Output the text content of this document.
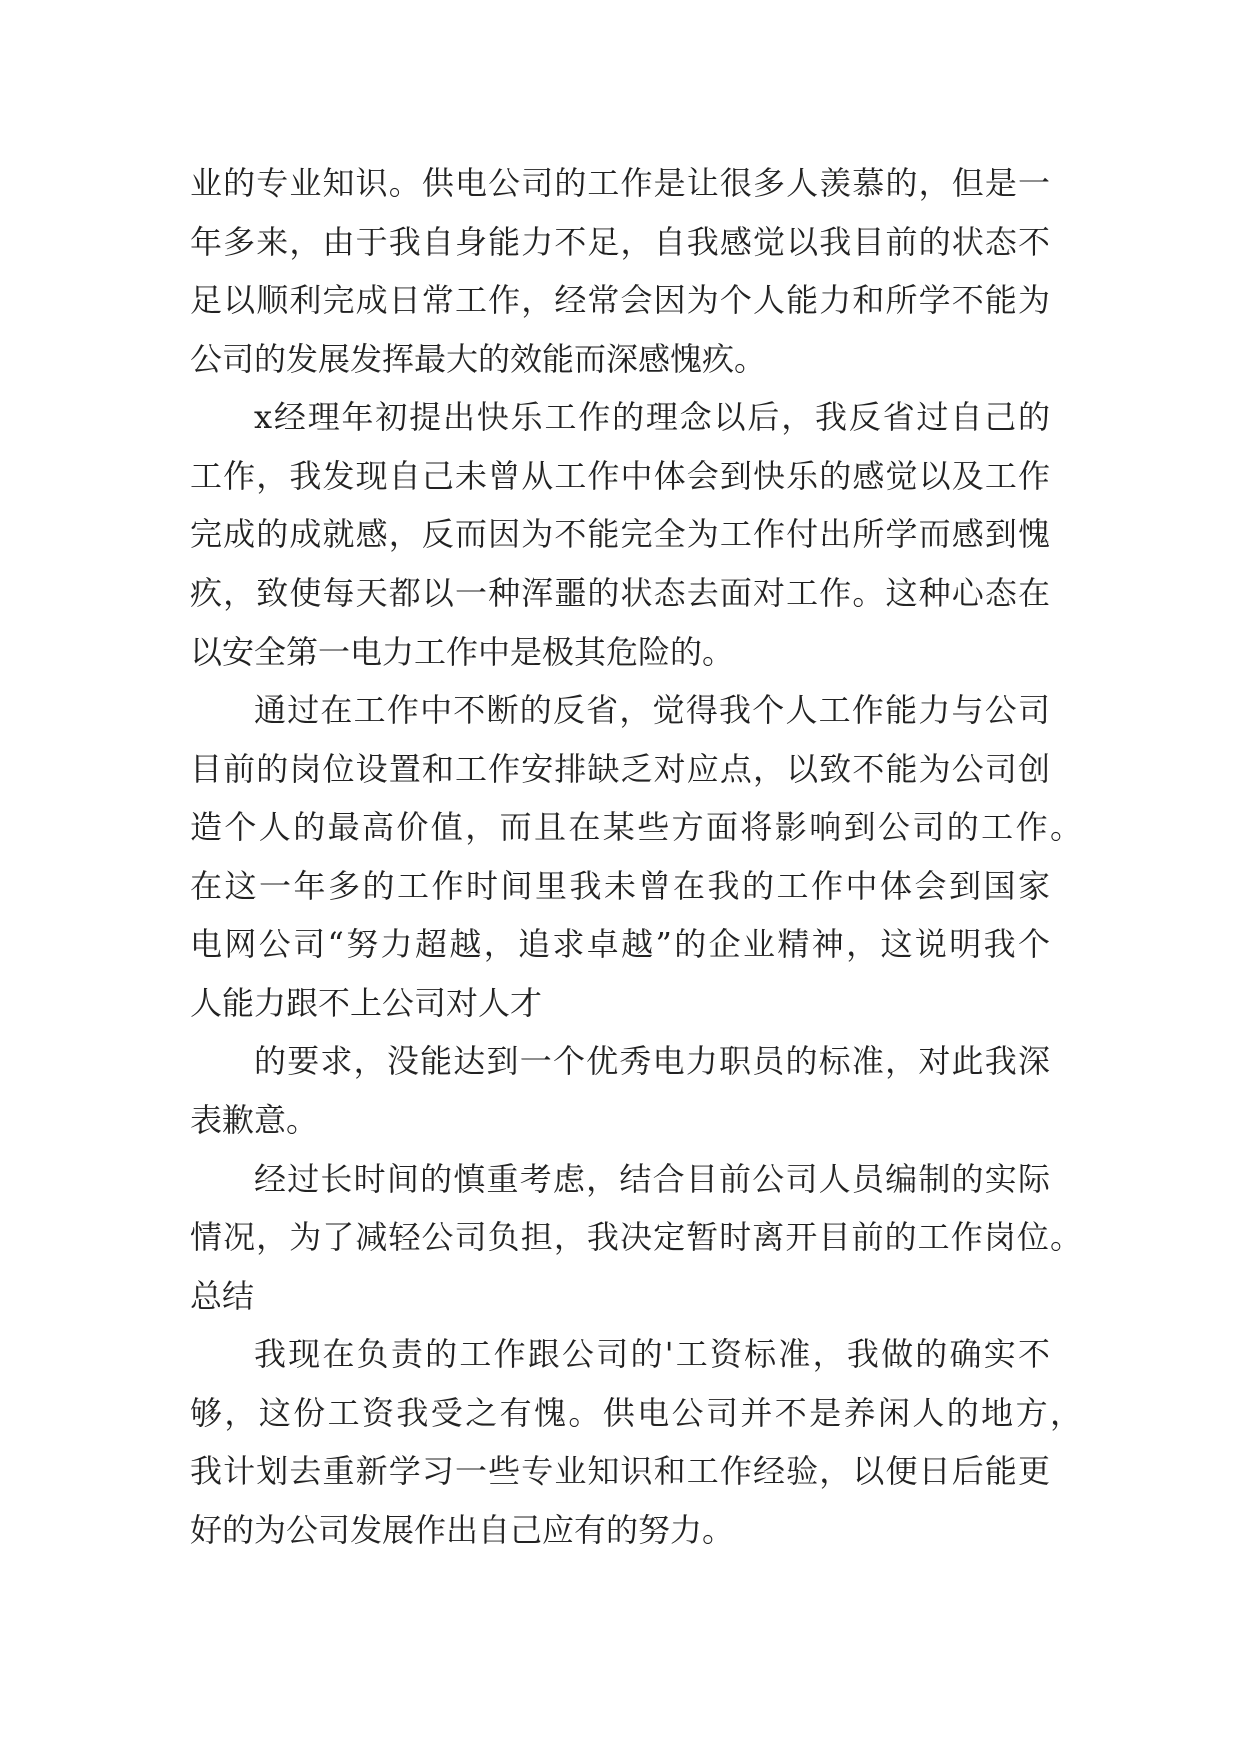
业的专业知识。供电公司的工作是让很多人羡慕的，但是一
年多来，由于我自身能力不足，自我感觉以我目前的状态不
足以顺利完成日常工作，经常会因为个人能力和所学不能为
公司的发展发挥最大的效能而深感愧疚。
x经理年初提出快乐工作的理念以后，我反省过自己的
工作，我发现自己未曾从工作中体会到快乐的感觉以及工作
完成的成就感，反而因为不能完全为工作付出所学而感到愧
疚，致使每天都以一种浑噩的状态去面对工作。这种心态在
以安全第一电力工作中是极其危险的。
通过在工作中不断的反省，觉得我个人工作能力与公司
目前的岗位设置和工作安排缺乏对应点，以致不能为公司创
造个人的最高价值，而且在某些方面将影响到公司的工作。
在这一年多的工作时间里我未曾在我的工作中体会到国家
电网公司“努力超越，追求卓越”的企业精神，这说明我个
人能力跟不上公司对人才
的要求，没能达到一个优秀电力职员的标准，对此我深
表歉意。
经过长时间的慎重考虑，结合目前公司人员编制的实际
情况，为了减轻公司负担，我决定暂时离开目前的工作岗位。
总结
我现在负责的工作跟公司的'工资标准，我做的确实不
够，这份工资我受之有愧。供电公司并不是养闲人的地方，
我计划去重新学习一些专业知识和工作经验，以便日后能更
好的为公司发展作出自己应有的努力。
